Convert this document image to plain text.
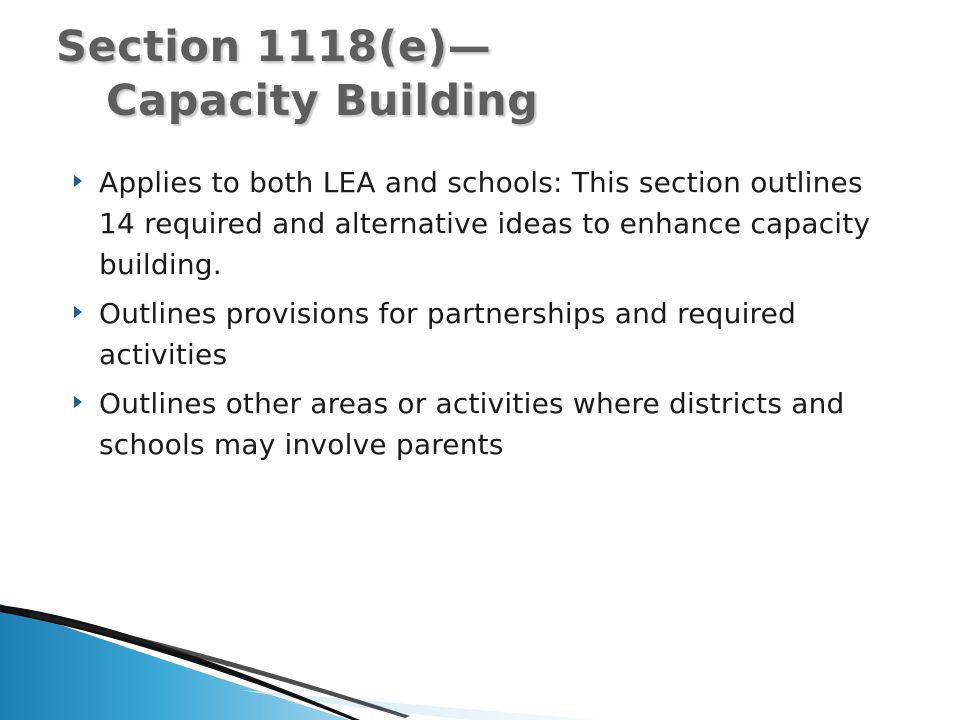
Section 1118(e)—
Capacity Building
Applies to both LEA and schools: This section outlines 14 required and alternative ideas to enhance capacity building.
Outlines provisions for partnerships and required activities
Outlines other areas or activities where districts and schools may involve parents
